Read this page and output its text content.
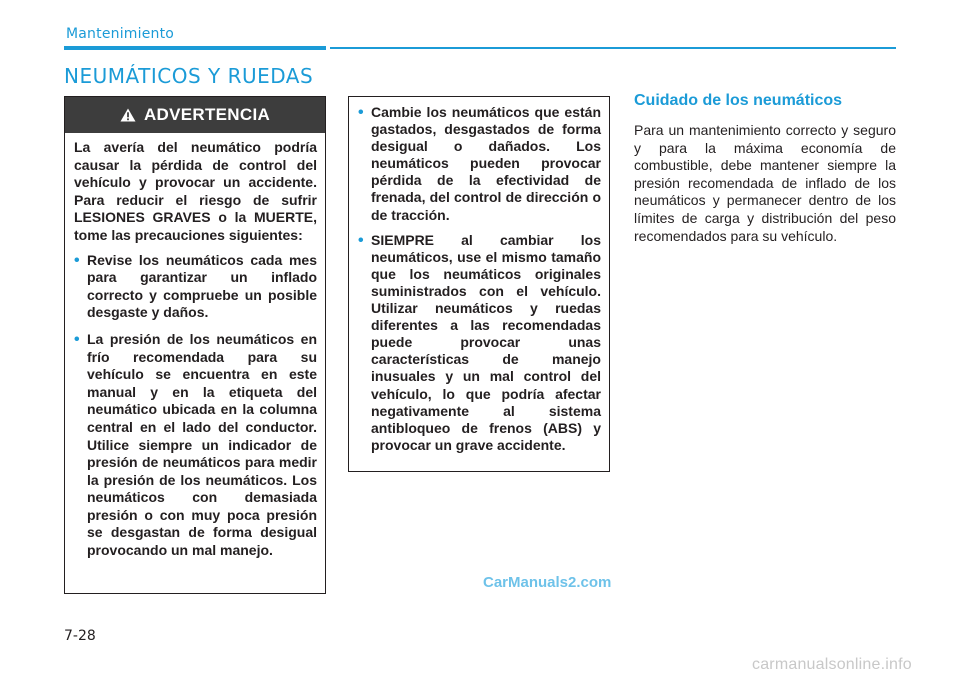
Mantenimiento
NEUMÁTICOS Y RUEDAS
ADVERTENCIA

La avería del neumático podría causar la pérdida de control del vehículo y provocar un accidente. Para reducir el riesgo de sufrir LESIONES GRAVES o la MUERTE, tome las precauciones siguientes:

• Revise los neumáticos cada mes para garantizar un inflado correcto y compruebe un posible desgaste y daños.

• La presión de los neumáticos en frío recomendada para su vehículo se encuentra en este manual y en la etiqueta del neumático ubicada en la columna central en el lado del conductor. Utilice siempre un indicador de presión de neumáticos para medir la presión de los neumáticos. Los neumáticos con demasiada presión o con muy poca presión se desgastan de forma desigual provocando un mal manejo.

• Cambie los neumáticos que están gastados, desgastados de forma desigual o dañados. Los neumáticos pueden provocar pérdida de la efectividad de frenada, del control de dirección o de tracción.

• SIEMPRE al cambiar los neumáticos, use el mismo tamaño que los neumáticos originales suministrados con el vehículo. Utilizar neumáticos y ruedas diferentes a las recomendadas puede provocar unas características de manejo inusuales y un mal control del vehículo, lo que podría afectar negativamente al sistema antibloqueo de frenos (ABS) y provocar un grave accidente.

Cuidado de los neumáticos

Para un mantenimiento correcto y seguro y para la máxima economía de combustible, debe mantener siempre la presión recomendada de inflado de los neumáticos y permanecer dentro de los límites de carga y distribución del peso recomendados para su vehículo.

CarManuals2.com
7-28
carmanualsonline.info
